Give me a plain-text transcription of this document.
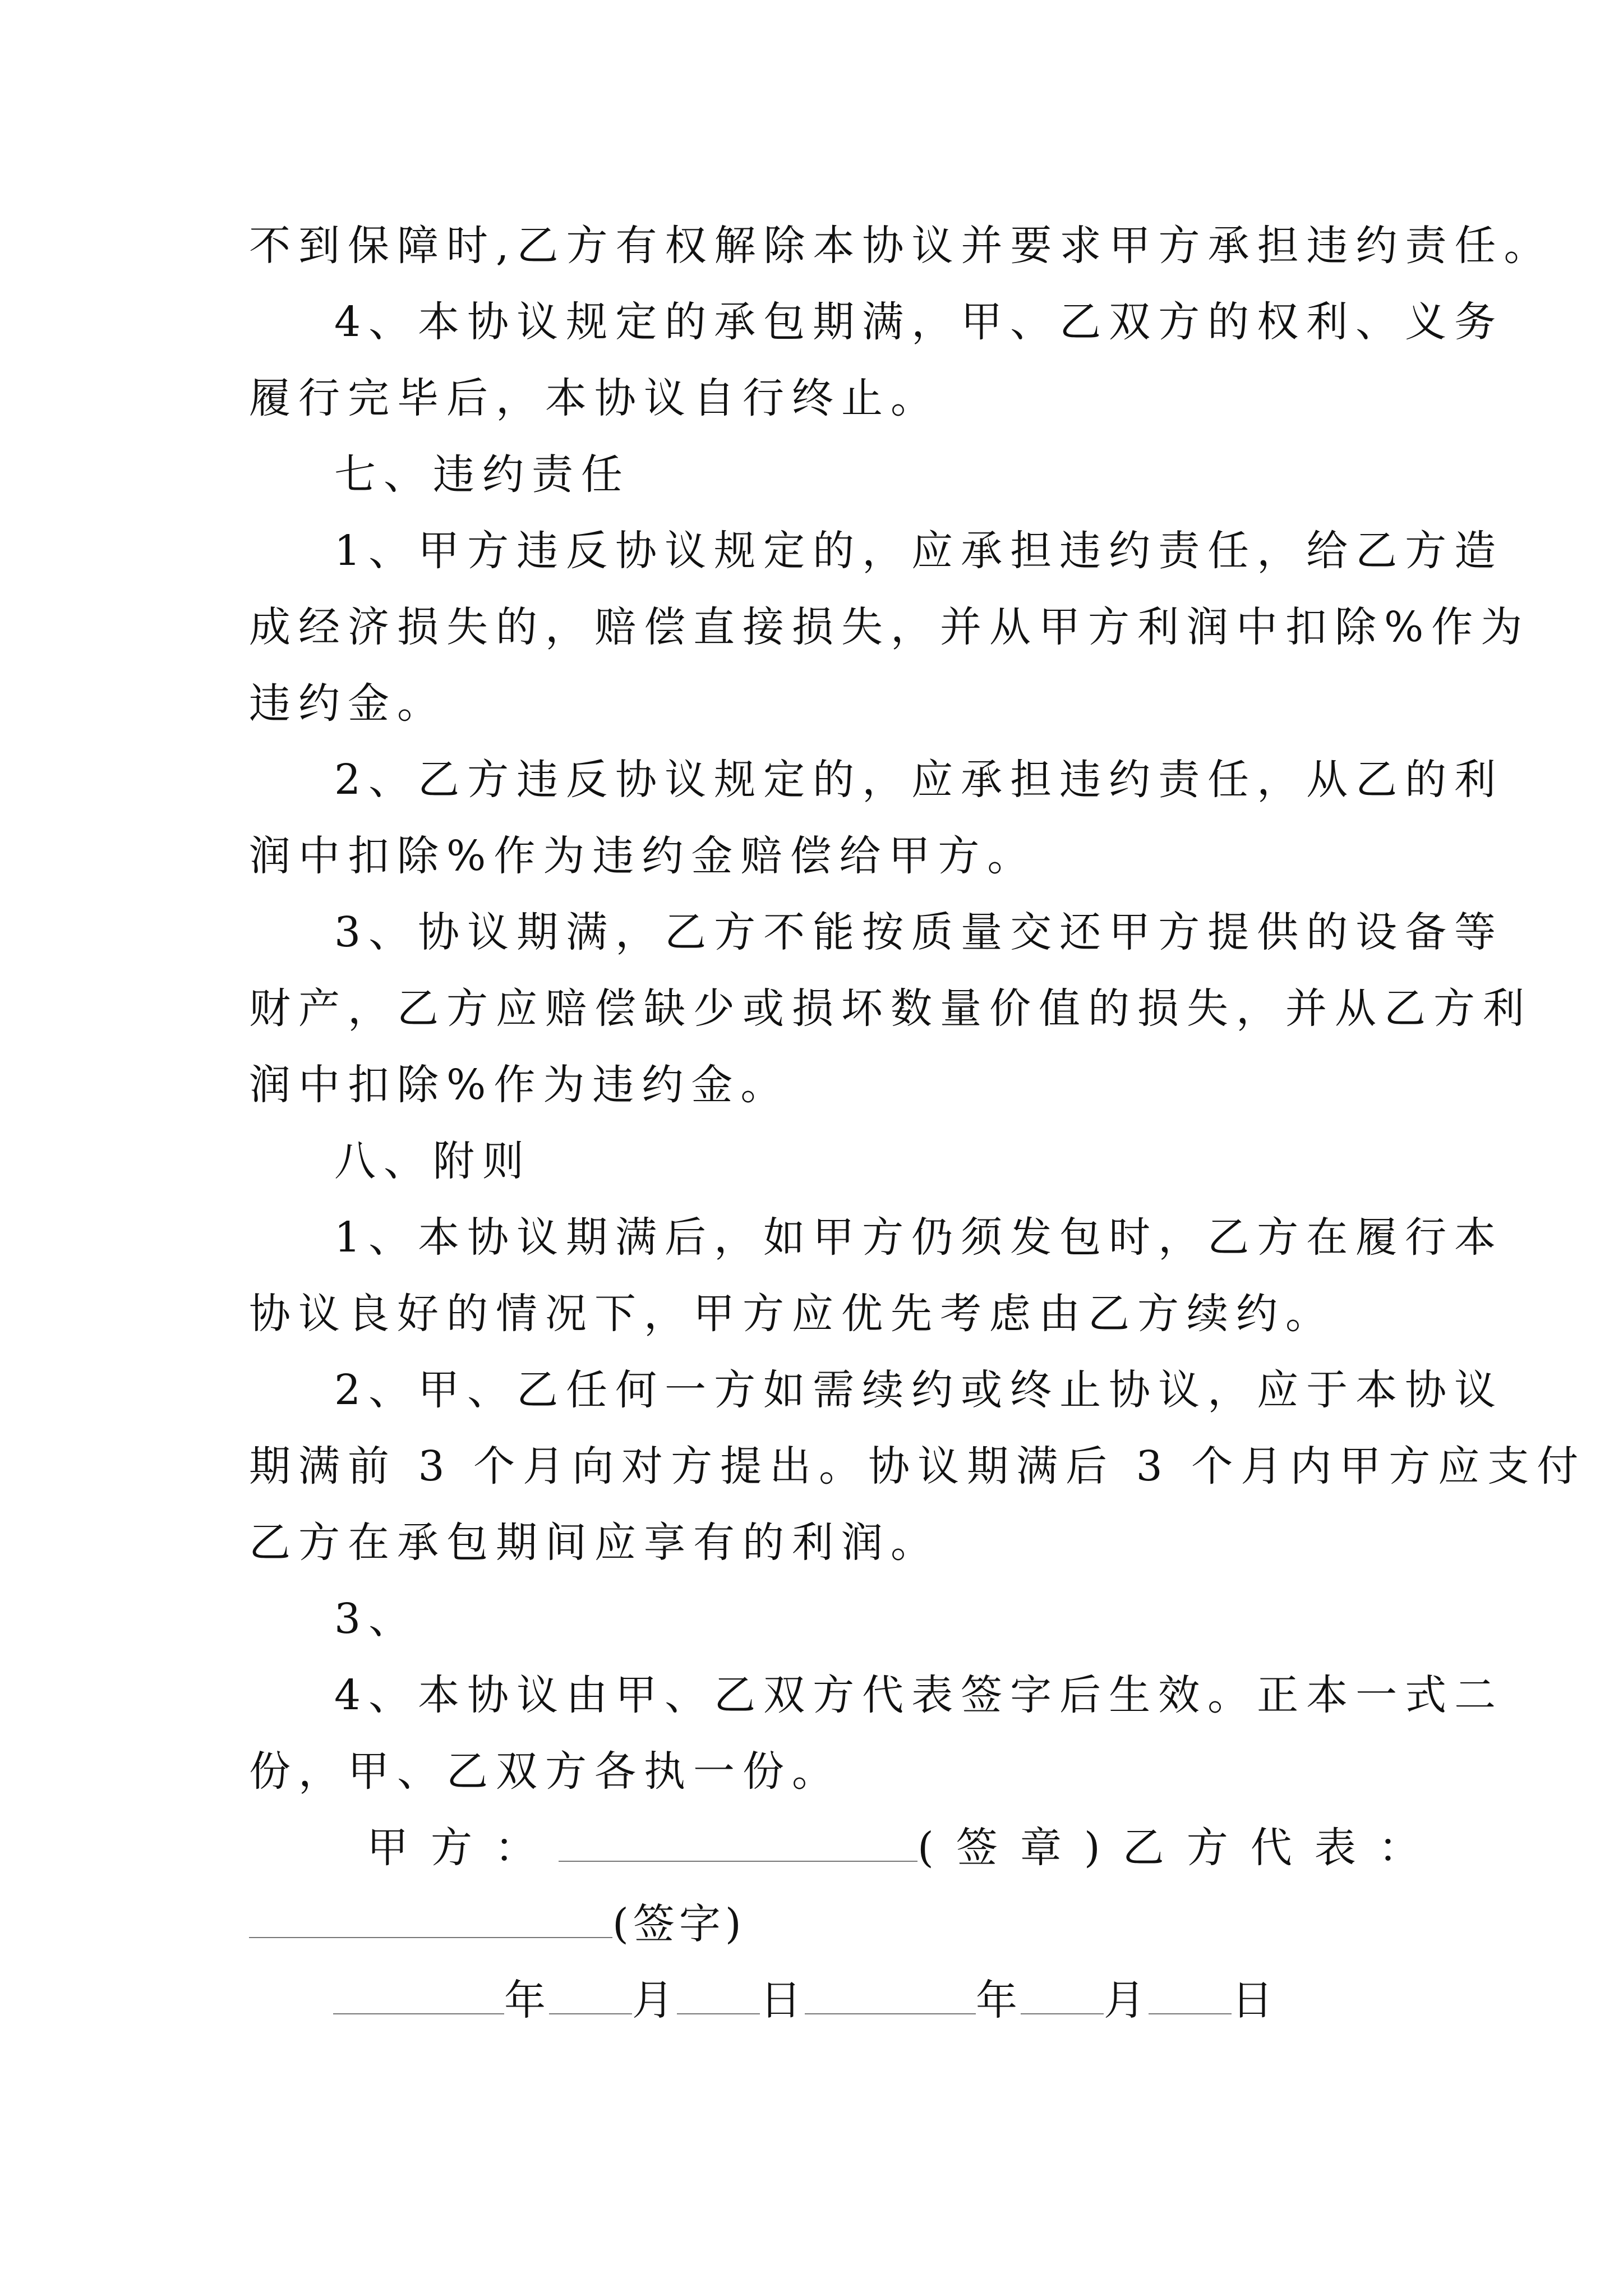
不到保障时,乙方有权解除本协议并要求甲方承担违约责任。
4、本协议规定的承包期满，甲、乙双方的权利、义务
履行完毕后，本协议自行终止。
七、违约责任
1、甲方违反协议规定的，应承担违约责任，给乙方造
成经济损失的，赔偿直接损失，并从甲方利润中扣除%作为
违约金。
2、乙方违反协议规定的，应承担违约责任，从乙的利
润中扣除%作为违约金赔偿给甲方。
3、协议期满，乙方不能按质量交还甲方提供的设备等
财产，乙方应赔偿缺少或损坏数量价值的损失，并从乙方利
润中扣除%作为违约金。
八、附则
1、本协议期满后，如甲方仍须发包时，乙方在履行本
协议良好的情况下，甲方应优先考虑由乙方续约。
2、甲、乙任何一方如需续约或终止协议，应于本协议
期满前 3 个月向对方提出。协议期满后 3 个月内甲方应支付
乙方在承包期间应享有的利润。
3、
4、本协议由甲、乙双方代表签字后生效。正本一式二
份，甲、乙双方各执一份。
甲方：	(签章)乙方代表：
(签字)
年 月 日	年 月 日
